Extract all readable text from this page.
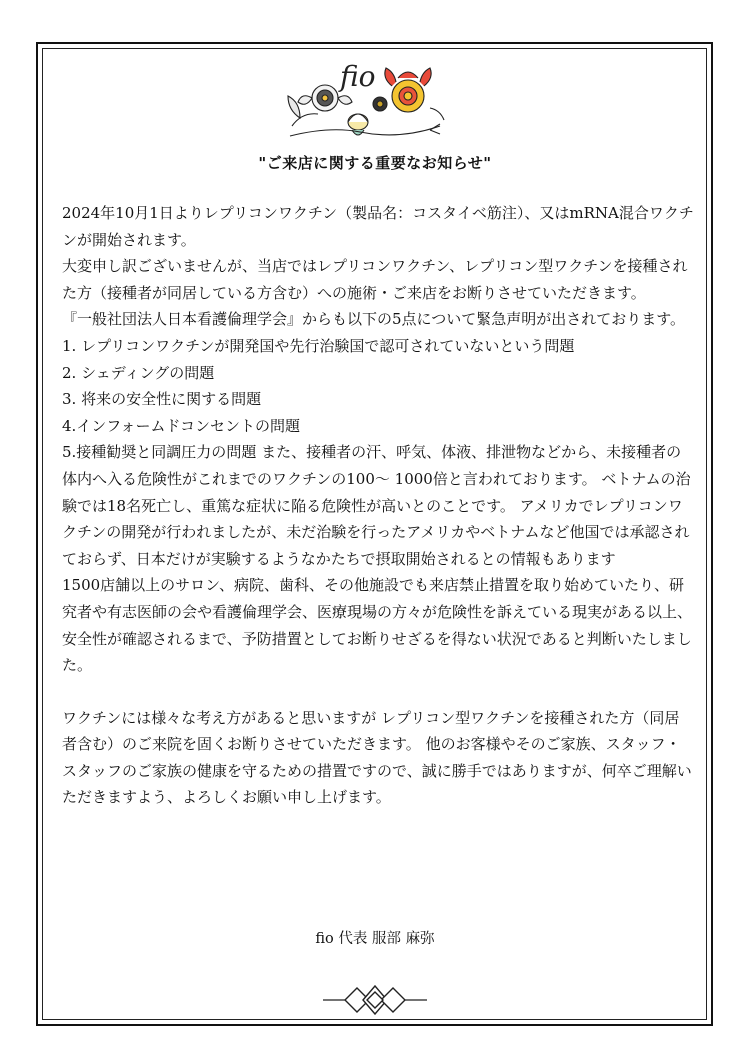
fio
"ご来店に関する重要なお知らせ"

2024年10月1日よりレプリコンワクチン（製品名：コスタイベ筋注）、又はmRNA混合ワクチンが開始されます。

大変申し訳ございませんが、当店ではレプリコンワクチン、レプリコン型ワクチンを接種された方（接種者が同居している方含む）への施術・ご来店をお断りさせていただきます。

『一般社団法人日本看護倫理学会』からも以下の5点について緊急声明が出されております。

1. レプリコンワクチンが開発国や先行治験国で認可されていないという問題

2. シェディングの問題

3. 将来の安全性に関する問題

4.インフォームドコンセントの問題

5.接種勧奨と同調圧力の問題 また、接種者の汗、呼気、体液、排泄物などから、未接種者の体内へ入る危険性がこれまでのワクチンの100～ 1000倍と言われております。 ベトナムの治験では18名死亡し、重篤な症状に陥る危険性が高いとのことです。 アメリカでレプリコンワクチンの開発が行われましたが、未だ治験を行ったアメリカやベトナムなど他国では承認されておらず、日本だけが実験するようなかたちで摂取開始されるとの情報もあります

1500店舗以上のサロン、病院、歯科、その他施設でも来店禁止措置を取り始めていたり、研究者や有志医師の会や看護倫理学会、医療現場の方々が危険性を訴えている現実がある以上、安全性が確認されるまで、予防措置としてお断りせざるを得ない状況であると判断いたしました。

ワクチンには様々な考え方があると思いますが レプリコン型ワクチンを接種された方（同居者含む）のご来院を固くお断りさせていただきます。 他のお客様やそのご家族、スタッフ・スタッフのご家族の健康を守るための措置ですので、誠に勝手ではありますが、何卒ご理解いただきますよう、よろしくお願い申し上げます。

fio 代表 服部 麻弥
